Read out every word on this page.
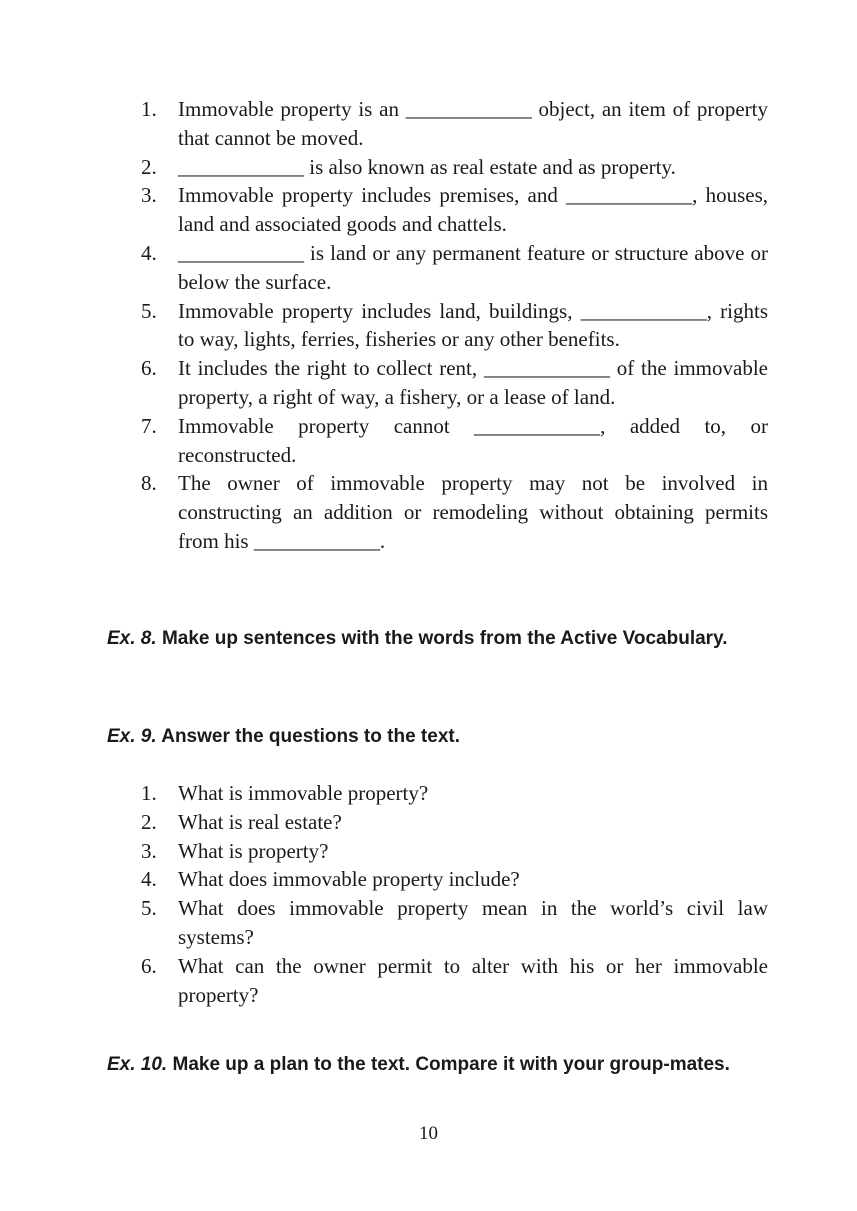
1.	Immovable property is an ____________ object, an item of property that cannot be moved.
2.	____________ is also known as real estate and as property.
3.	Immovable property includes premises, and ____________, houses, land and associated goods and chattels.
4.	____________ is land or any permanent feature or structure above or below the surface.
5.	Immovable property includes land, buildings, ____________, rights to way, lights, ferries, fisheries or any other benefits.
6.	It includes the right to collect rent, ____________ of the immovable property, a right of way, a fishery, or a lease of land.
7.	Immovable property cannot ____________, added to, or reconstructed.
8.	The owner of immovable property may not be involved in constructing an addition or remodeling without obtaining permits from his ____________.

Ex. 8. Make up sentences with the words from the Active Vocabulary.

Ex. 9. Answer the questions to the text.

1.	What is immovable property?
2.	What is real estate?
3.	What is property?
4.	What does immovable property include?
5.	What does immovable property mean in the world’s civil law systems?
6.	What can the owner permit to alter with his or her immovable property?

Ex. 10. Make up a plan to the text. Compare it with your group-mates.

10
